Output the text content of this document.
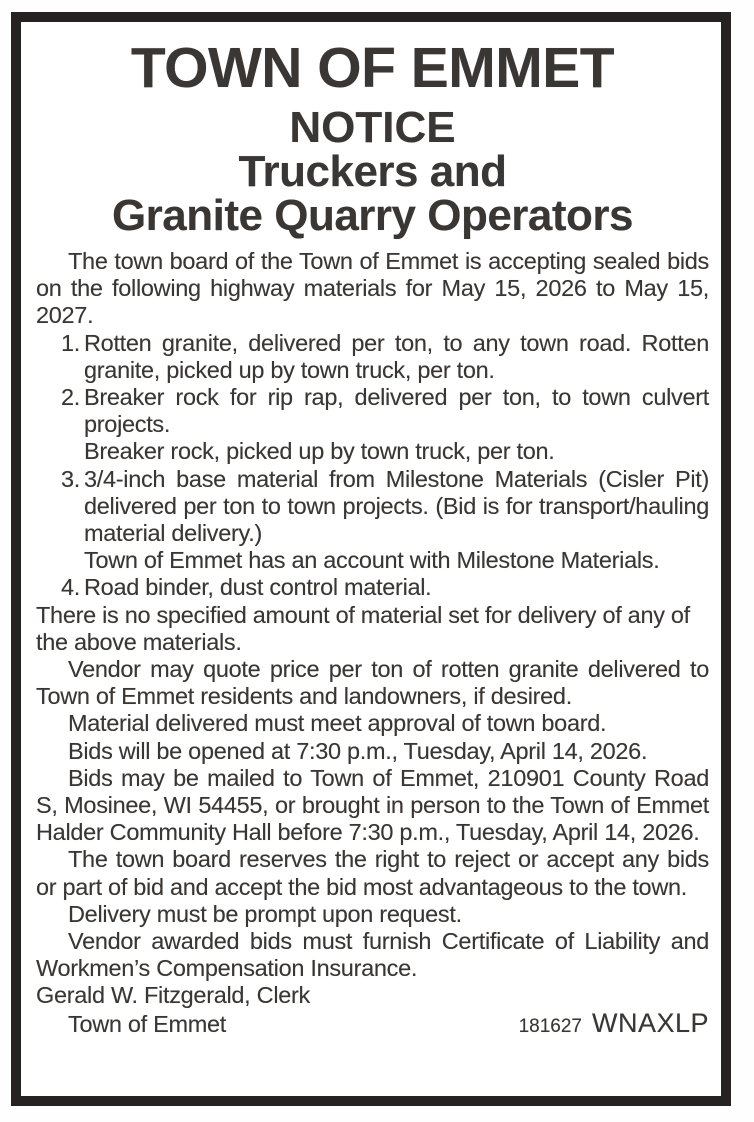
TOWN OF EMMET
NOTICE
Truckers and
Granite Quarry Operators

The town board of the Town of Emmet is accepting sealed bids on the following highway materials for May 15, 2026 to May 15, 2027.

1. Rotten granite, delivered per ton, to any town road. Rotten granite, picked up by town truck, per ton.

2. Breaker rock for rip rap, delivered per ton, to town culvert projects.

Breaker rock, picked up by town truck, per ton.

3. 3/4-inch base material from Milestone Materials (Cisler Pit) delivered per ton to town projects. (Bid is for transport/​hauling material delivery.)

Town of Emmet has an account with Milestone Materials.

4. Road binder, dust control material.

There is no specified amount of material set for delivery of any of the above materials.

Vendor may quote price per ton of rotten granite delivered to Town of Emmet residents and landowners, if desired.

Material delivered must meet approval of town board.

Bids will be opened at 7:30 p.m., Tuesday, April 14, 2026.

Bids may be mailed to Town of Emmet, 210901 County Road S, Mosinee, WI 54455, or brought in person to the Town of Emmet Halder Community Hall before 7:30 p.m., Tuesday, April 14, 2026.

The town board reserves the right to reject or accept any bids or part of bid and accept the bid most advantageous to the town.

Delivery must be prompt upon request.

Vendor awarded bids must furnish Certificate of Liability and Workmen’s Compensation Insurance.

Gerald W. Fitzgerald, Clerk

Town of Emmet	181627 WNAXLP
